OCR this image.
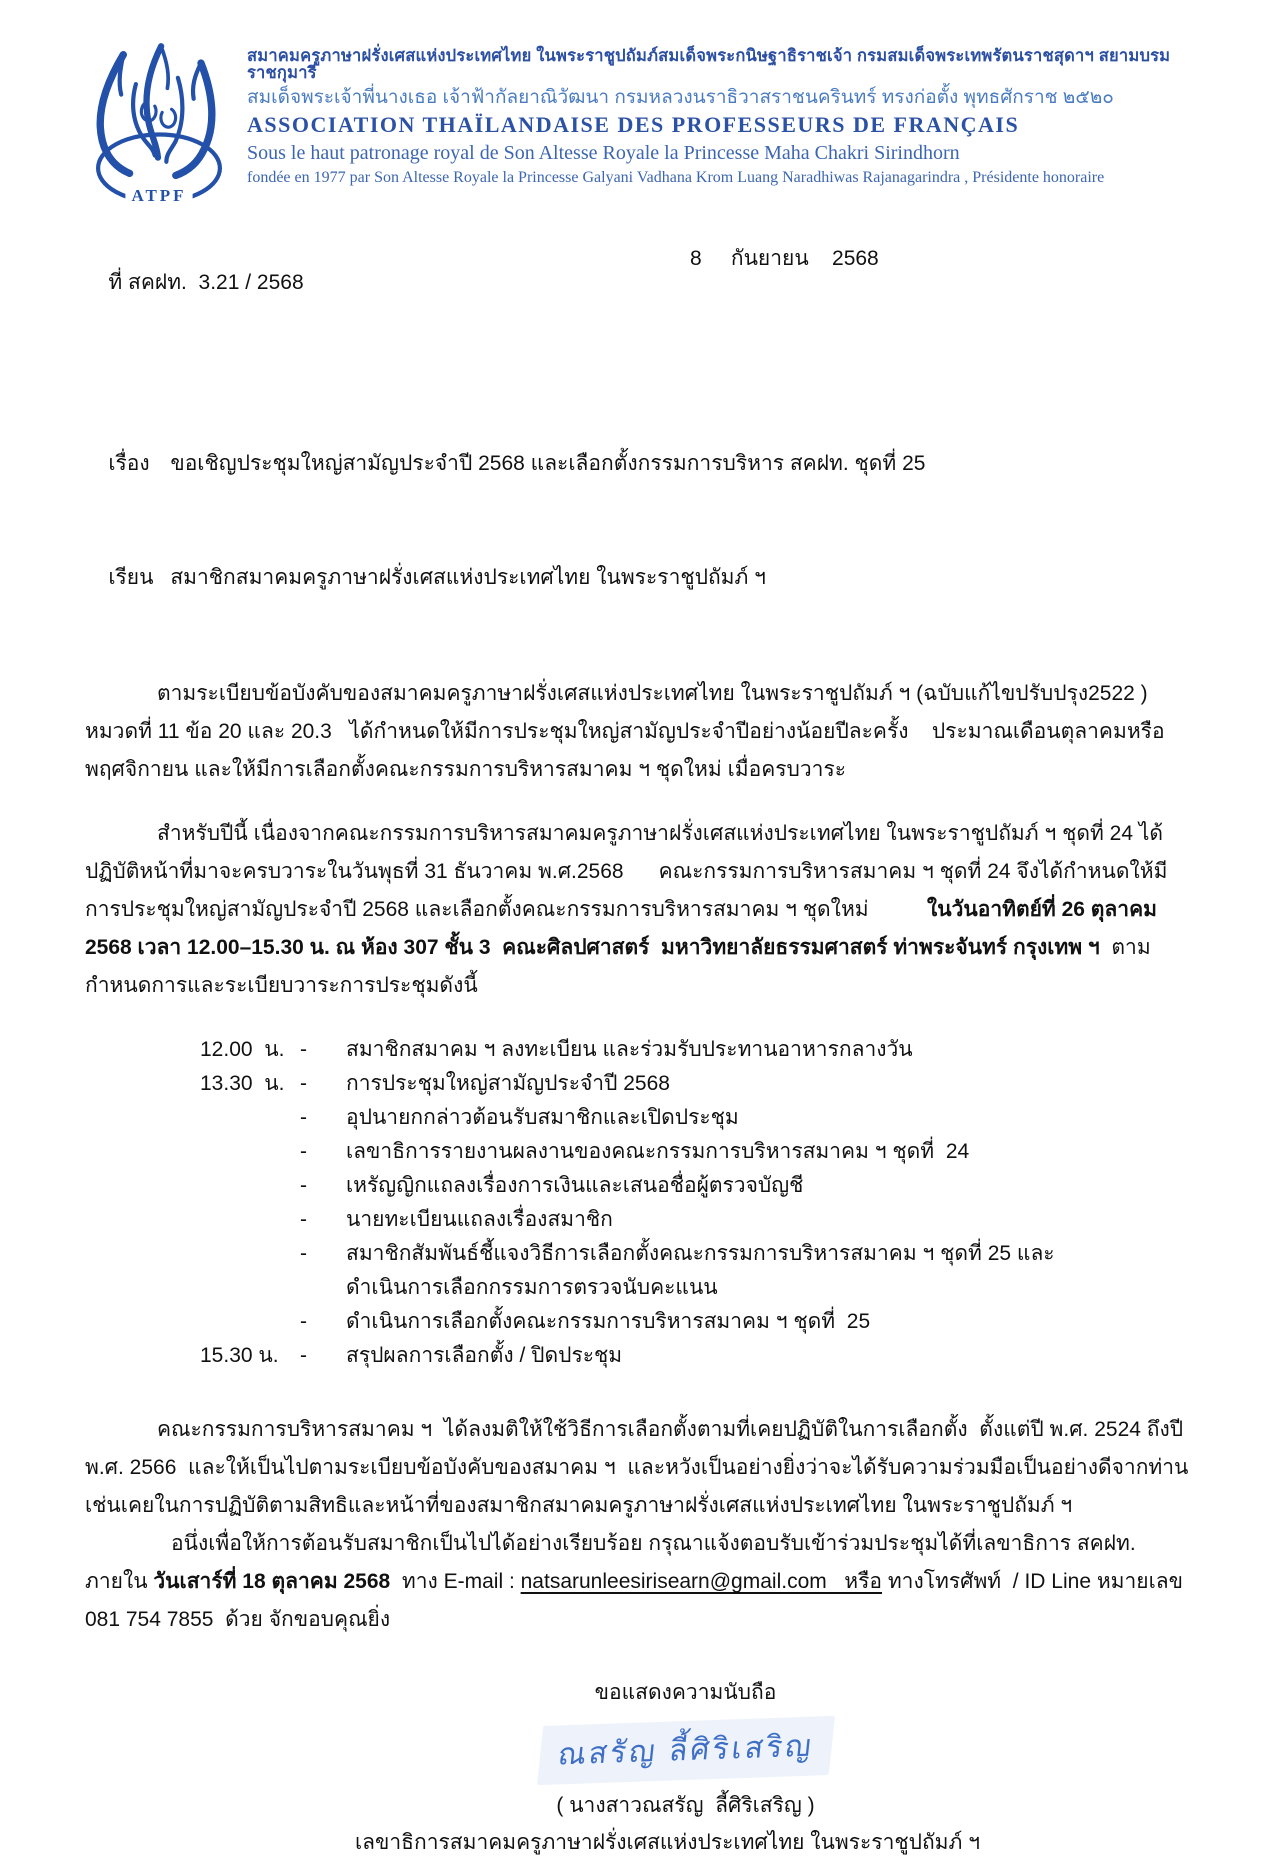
ATPF
สมาคมครูภาษาฝรั่งเศสแห่งประเทศไทย ในพระราชูปถัมภ์สมเด็จพระกนิษฐาธิราชเจ้า กรมสมเด็จพระเทพรัตนราชสุดาฯ สยามบรมราชกุมารี
สมเด็จพระเจ้าพี่นางเธอ เจ้าฟ้ากัลยาณิวัฒนา กรมหลวงนราธิวาสราชนครินทร์ ทรงก่อตั้ง พุทธศักราช ๒๕๒๐
ASSOCIATION THAÏLANDAISE DES PROFESSEURS DE FRANÇAIS
Sous le haut patronage royal de Son Altesse Royale la Princesse Maha Chakri Sirindhorn
fondée en 1977 par Son Altesse Royale la Princesse Galyani Vadhana Krom Luang Naradhiwas Rajanagarindra , Présidente honoraire

ที่ สคฝท.  3.21 / 2568

8     กันยายน    2568

เรื่อง ขอเชิญประชุมใหญ่สามัญประจำปี 2568 และเลือกตั้งกรรมการบริหาร สคฝท. ชุดที่ 25

เรียน สมาชิกสมาคมครูภาษาฝรั่งเศสแห่งประเทศไทย ในพระราชูปถัมภ์ ฯ

ตามระเบียบข้อบังคับของสมาคมครูภาษาฝรั่งเศสแห่งประเทศไทย ในพระราชูปถัมภ์ ฯ (ฉบับแก้ไขปรับปรุง2522 ) หมวดที่ 11 ข้อ 20 และ 20.3   ได้กำหนดให้มีการประชุมใหญ่สามัญประจำปีอย่างน้อยปีละครั้ง    ประมาณเดือนตุลาคมหรือพฤศจิกายน และให้มีการเลือกตั้งคณะกรรมการบริหารสมาคม ฯ ชุดใหม่ เมื่อครบวาระ

สำหรับปีนี้ เนื่องจากคณะกรรมการบริหารสมาคมครูภาษาฝรั่งเศสแห่งประเทศไทย ในพระราชูปถัมภ์ ฯ ชุดที่ 24 ได้ปฏิบัติหน้าที่มาจะครบวาระในวันพุธที่ 31 ธันวาคม พ.ศ.2568      คณะกรรมการบริหารสมาคม ฯ ชุดที่ 24 จึงได้กำหนดให้มีการประชุมใหญ่สามัญประจำปี 2568 และเลือกตั้งคณะกรรมการบริหารสมาคม ฯ ชุดใหม่          ในวันอาทิตย์ที่ 26 ตุลาคม 2568 เวลา 12.00–15.30 น. ณ ห้อง 307 ชั้น 3  คณะศิลปศาสตร์  มหาวิทยาลัยธรรมศาสตร์ ท่าพระจันทร์ กรุงเทพ ฯ  ตามกำหนดการและระเบียบวาระการประชุมดังนี้

12.00  น. -	สมาชิกสมาคม ฯ ลงทะเบียน และร่วมรับประทานอาหารกลางวัน
13.30  น. -	การประชุมใหญ่สามัญประจำปี 2568
-	อุปนายกกล่าวต้อนรับสมาชิกและเปิดประชุม
-	เลขาธิการรายงานผลงานของคณะกรรมการบริหารสมาคม ฯ ชุดที่  24
-	เหรัญญิกแถลงเรื่องการเงินและเสนอชื่อผู้ตรวจบัญชี
-	นายทะเบียนแถลงเรื่องสมาชิก
-	สมาชิกสัมพันธ์ชี้แจงวิธีการเลือกตั้งคณะกรรมการบริหารสมาคม ฯ ชุดที่ 25 และ
ดำเนินการเลือกกรรมการตรวจนับคะแนน
-	ดำเนินการเลือกตั้งคณะกรรมการบริหารสมาคม ฯ ชุดที่  25
15.30 น.	-	สรุปผลการเลือกตั้ง / ปิดประชุม

คณะกรรมการบริหารสมาคม ฯ  ได้ลงมติให้ใช้วิธีการเลือกตั้งตามที่เคยปฏิบัติในการเลือกตั้ง  ตั้งแต่ปี พ.ศ. 2524 ถึงปี พ.ศ. 2566  และให้เป็นไปตามระเบียบข้อบังคับของสมาคม ฯ  และหวังเป็นอย่างยิ่งว่าจะได้รับความร่วมมือเป็นอย่างดีจากท่านเช่นเคยในการปฏิบัติตามสิทธิและหน้าที่ของสมาชิกสมาคมครูภาษาฝรั่งเศสแห่งประเทศไทย ในพระราชูปถัมภ์ ฯ

อนึ่งเพื่อให้การต้อนรับสมาชิกเป็นไปได้อย่างเรียบร้อย กรุณาแจ้งตอบรับเข้าร่วมประชุมได้ที่เลขาธิการ สคฝท. ภายใน วันเสาร์ที่ 18 ตุลาคม 2568  ทาง E-mail : natsarunleesirisearn@gmail.com   หรือ ทางโทรศัพท์  / ID Line หมายเลข 081 754 7855  ด้วย จักขอบคุณยิ่ง

ขอแสดงความนับถือ
ณสรัญ ลี้ศิริเสริญ
( นางสาวณสรัญ  ลี้ศิริเสริญ )
เลขาธิการสมาคมครูภาษาฝรั่งเศสแห่งประเทศไทย ในพระราชูปถัมภ์ ฯ
